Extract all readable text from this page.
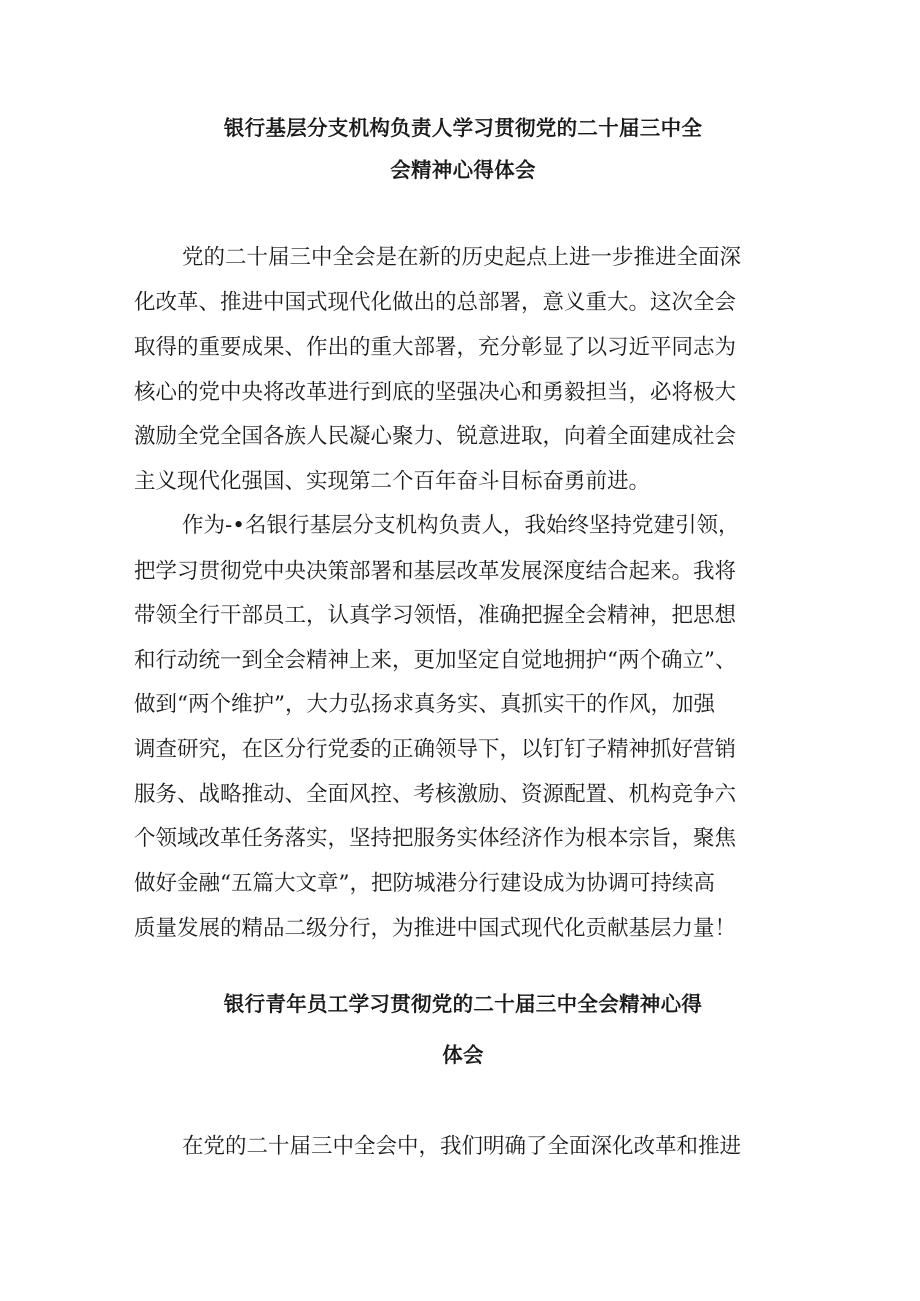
银行基层分支机构负责人学习贯彻党的二十届三中全
会精神心得体会
党的二十届三中全会是在新的历史起点上进一步推进全面深
化改革、推进中国式现代化做出的总部署，意义重大。这次全会
取得的重要成果、作出的重大部署，充分彰显了以习近平同志为
核心的党中央将改革进行到底的坚强决心和勇毅担当，必将极大
激励全党全国各族人民凝心聚力、锐意进取，向着全面建成社会
主义现代化强国、实现第二个百年奋斗目标奋勇前进。
作为-•名银行基层分支机构负责人，我始终坚持党建引领，
把学习贯彻党中央决策部署和基层改革发展深度结合起来。我将
带领全行干部员工，认真学习领悟，准确把握全会精神，把思想
和行动统一到全会精神上来，更加坚定自觉地拥护“两个确立”、
做到“两个维护”，大力弘扬求真务实、真抓实干的作风，加强
调查研究，在区分行党委的正确领导下，以钉钉子精神抓好营销
服务、战略推动、全面风控、考核激励、资源配置、机构竞争六
个领域改革任务落实，坚持把服务实体经济作为根本宗旨，聚焦
做好金融“五篇大文章”，把防城港分行建设成为协调可持续高
质量发展的精品二级分行，为推进中国式现代化贡献基层力量！
银行青年员工学习贯彻党的二十届三中全会精神心得
体会
在党的二十届三中全会中，我们明确了全面深化改革和推进
